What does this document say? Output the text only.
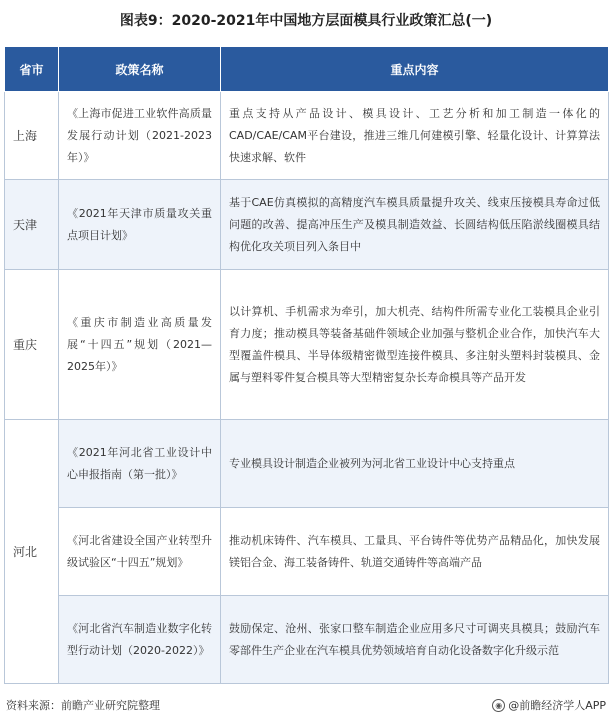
图表9：2020-2021年中国地方层面模具行业政策汇总(一)
省市	政策名称	重点内容
上海	《上海市促进工业软件高质量发展行动计划（2021-2023年）》	重点支持从产品设计、模具设计、工艺分析和加工制造一体化的CAD/CAE/CAM平台建设，推进三维几何建模引擎、轻量化设计、计算算法快速求解、软件
天津	《2021年天津市质量攻关重点项目计划》	基于CAE仿真模拟的高精度汽车模具质量提升攻关、线束压接模具寿命过低问题的改善、提高冲压生产及模具制造效益、长圆结构低压陷淤线圈模具结构优化攻关项目列入条目中
重庆	《重庆市制造业高质量发展“十四五”规划（2021—2025年）》	以计算机、手机需求为牵引，加大机壳、结构件所需专业化工装模具企业引育力度；推动模具等装备基础件领域企业加强与整机企业合作，加快汽车大型覆盖件模具、半导体级精密微型连接件模具、多注射头塑料封装模具、金属与塑料零件复合模具等大型精密复杂长寿命模具等产品开发
河北	《2021年河北省工业设计中心申报指南（第一批）》	专业模具设计制造企业被列为河北省工业设计中心支持重点
	《河北省建设全国产业转型升级试验区“十四五”规划》	推动机床铸件、汽车模具、工量具、平台铸件等优势产品精品化，加快发展镁铝合金、海工装备铸件、轨道交通铸件等高端产品
	《河北省汽车制造业数字化转型行动计划（2020-2022）》	鼓励保定、沧州、张家口整车制造企业应用多尺寸可调夹具模具；鼓励汽车零部件生产企业在汽车模具优势领域培育自动化设备数字化升级示范
资料来源：前瞻产业研究院整理	◉ @前瞻经济学人APP
